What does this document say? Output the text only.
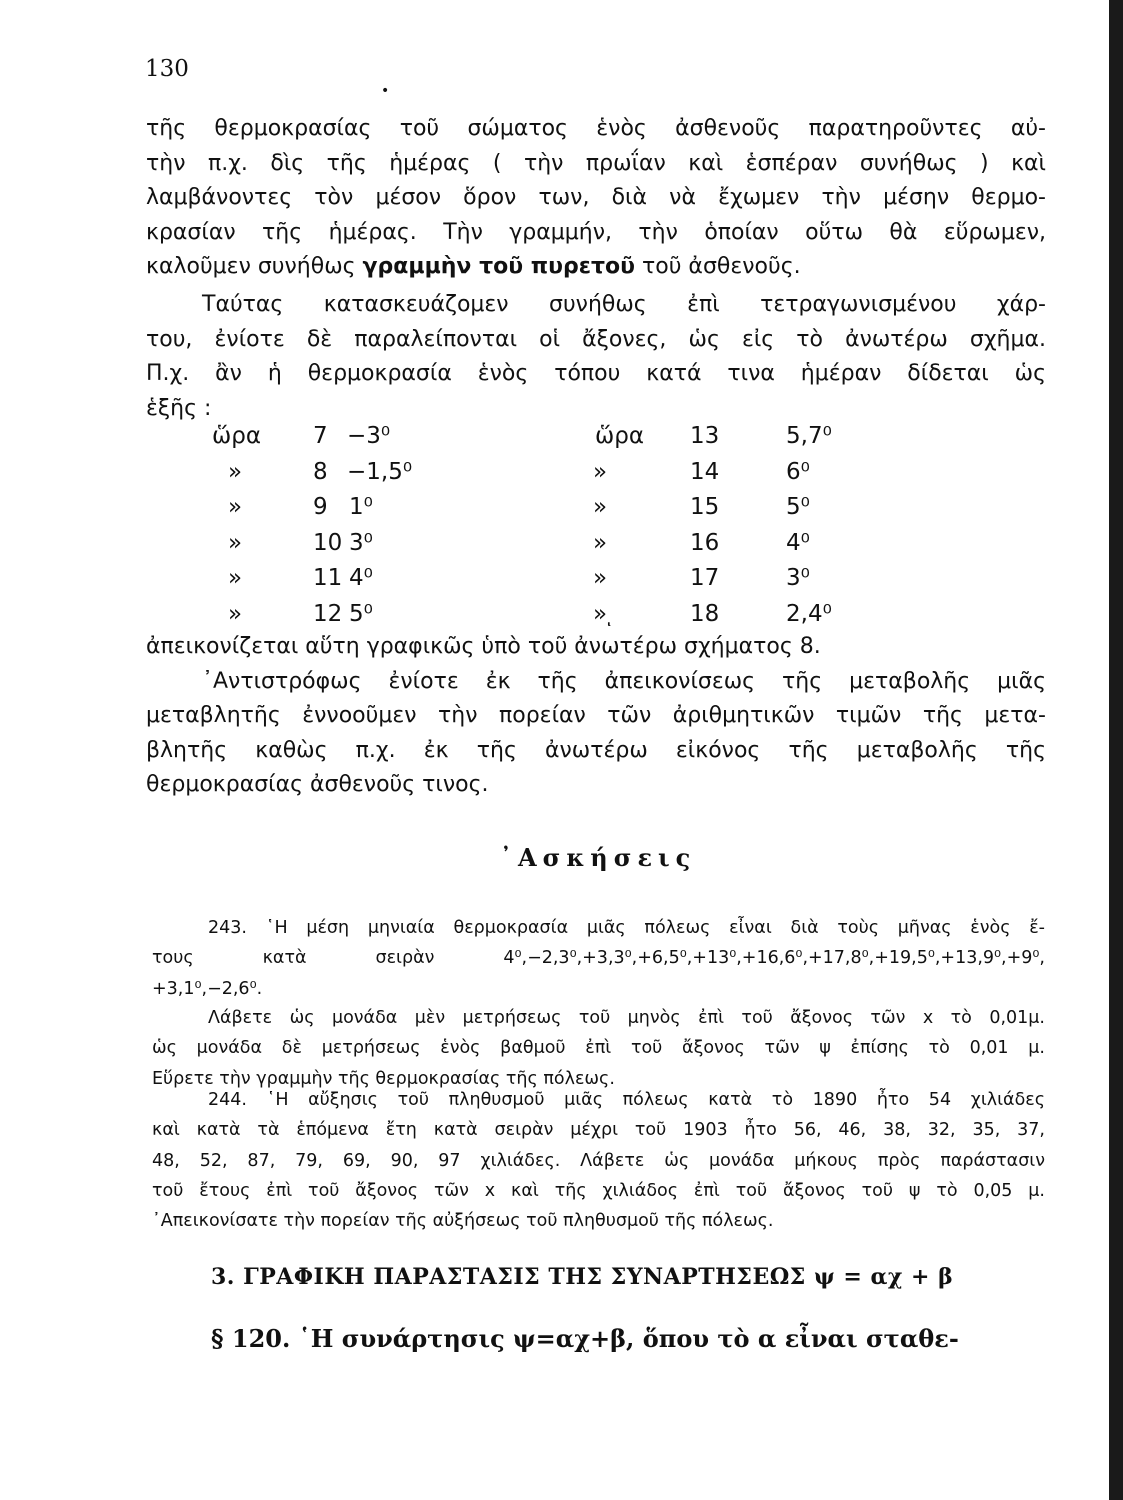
130
•
τῆς θερμοκρασίας τοῦ σώματος ἑνὸς ἀσθενοῦς παρατηροῦντες αὐ-
τὴν π.χ. δὶς τῆς ἡμέρας ( τὴν πρωΐαν καὶ ἑσπέραν συνήθως ) καὶ
λαμβάνοντες τὸν μέσον ὅρον των, διὰ νὰ ἔχωμεν τὴν μέσην θερμο-
κρασίαν τῆς ἡμέρας. Τὴν γραμμήν, τὴν ὁποίαν οὕτω θὰ εὕρωμεν,
καλοῦμεν συνήθως γραμμὴν τοῦ πυρετοῦ τοῦ ἀσθενοῦς.
Ταύτας κατασκευάζομεν συνήθως ἐπὶ τετραγωνισμένου χάρ-
του, ἐνίοτε δὲ παραλείπονται οἱ ἄξονες, ὡς εἰς τὸ ἀνωτέρω σχῆμα.
Π.χ. ἂν ἡ θερμοκρασία ἑνὸς τόπου κατά τινα ἡμέραν δίδεται ὡς
ἑξῆς :
ὥρα 7 −3⁰	ὥρα 13	5,7⁰
»	8 −1,5⁰	»	14	6⁰
»	9 1⁰	»	15	5⁰
»	10 3⁰	»	16	4⁰
»	11 4⁰	»	17	3⁰
»	12 5⁰	» ͅ	18	2,4⁰
ἀπεικονίζεται αὕτη γραφικῶς ὑπὸ τοῦ ἀνωτέρω σχήματος 8.
᾿Αντιστρόφως ἐνίοτε ἐκ τῆς ἀπεικονίσεως τῆς μεταβολῆς μιᾶς
μεταβλητῆς ἐννοοῦμεν τὴν πορείαν τῶν ἀριθμητικῶν τιμῶν τῆς μετα-
βλητῆς καθὼς π.χ. ἐκ τῆς ἀνωτέρω εἰκόνος τῆς μεταβολῆς τῆς
θερμοκρασίας ἀσθενοῦς τινος.
᾿Ασκήσεις
243. ῾Η μέση μηνιαία θερμοκρασία μιᾶς πόλεως εἶναι διὰ τοὺς μῆνας ἑνὸς ἔ-
τους κατὰ σειρὰν 4⁰,−2,3⁰,+3,3⁰,+6,5⁰,+13⁰,+16,6⁰,+17,8⁰,+19,5⁰,+13,9⁰,+9⁰,
+3,1⁰,−2,6⁰.
Λάβετε ὡς μονάδα μὲν μετρήσεως τοῦ μηνὸς ἐπὶ τοῦ ἄξονος τῶν x τὸ 0,01μ.
ὡς μονάδα δὲ μετρήσεως ἑνὸς βαθμοῦ ἐπὶ τοῦ ἄξονος τῶν ψ ἐπίσης τὸ 0,01 μ.
Εὕρετε τὴν γραμμὴν τῆς θερμοκρασίας τῆς πόλεως.
244. ῾Η αὔξησις τοῦ πληθυσμοῦ μιᾶς πόλεως κατὰ τὸ 1890 ἦτο 54 χιλιάδες
καὶ κατὰ τὰ ἑπόμενα ἔτη κατὰ σειρὰν μέχρι τοῦ 1903 ἦτο 56, 46, 38, 32, 35, 37,
48, 52, 87, 79, 69, 90, 97 χιλιάδες. Λάβετε ὡς μονάδα μήκους πρὸς παράστασιν
τοῦ ἔτους ἐπὶ τοῦ ἄξονος τῶν x καὶ τῆς χιλιάδος ἐπὶ τοῦ ἄξονος τοῦ ψ τὸ 0,05 μ.
᾿Απεικονίσατε τὴν πορείαν τῆς αὐξήσεως τοῦ πληθυσμοῦ τῆς πόλεως.
3. ΓΡΑΦΙΚΗ ΠΑΡΑΣΤΑΣΙΣ ΤΗΣ ΣΥΝΑΡΤΗΣΕΩΣ ψ = αχ + β
§ 120. ῾Η συνάρτησις ψ=αχ+β, ὅπου τὸ α εἶναι σταθε-
